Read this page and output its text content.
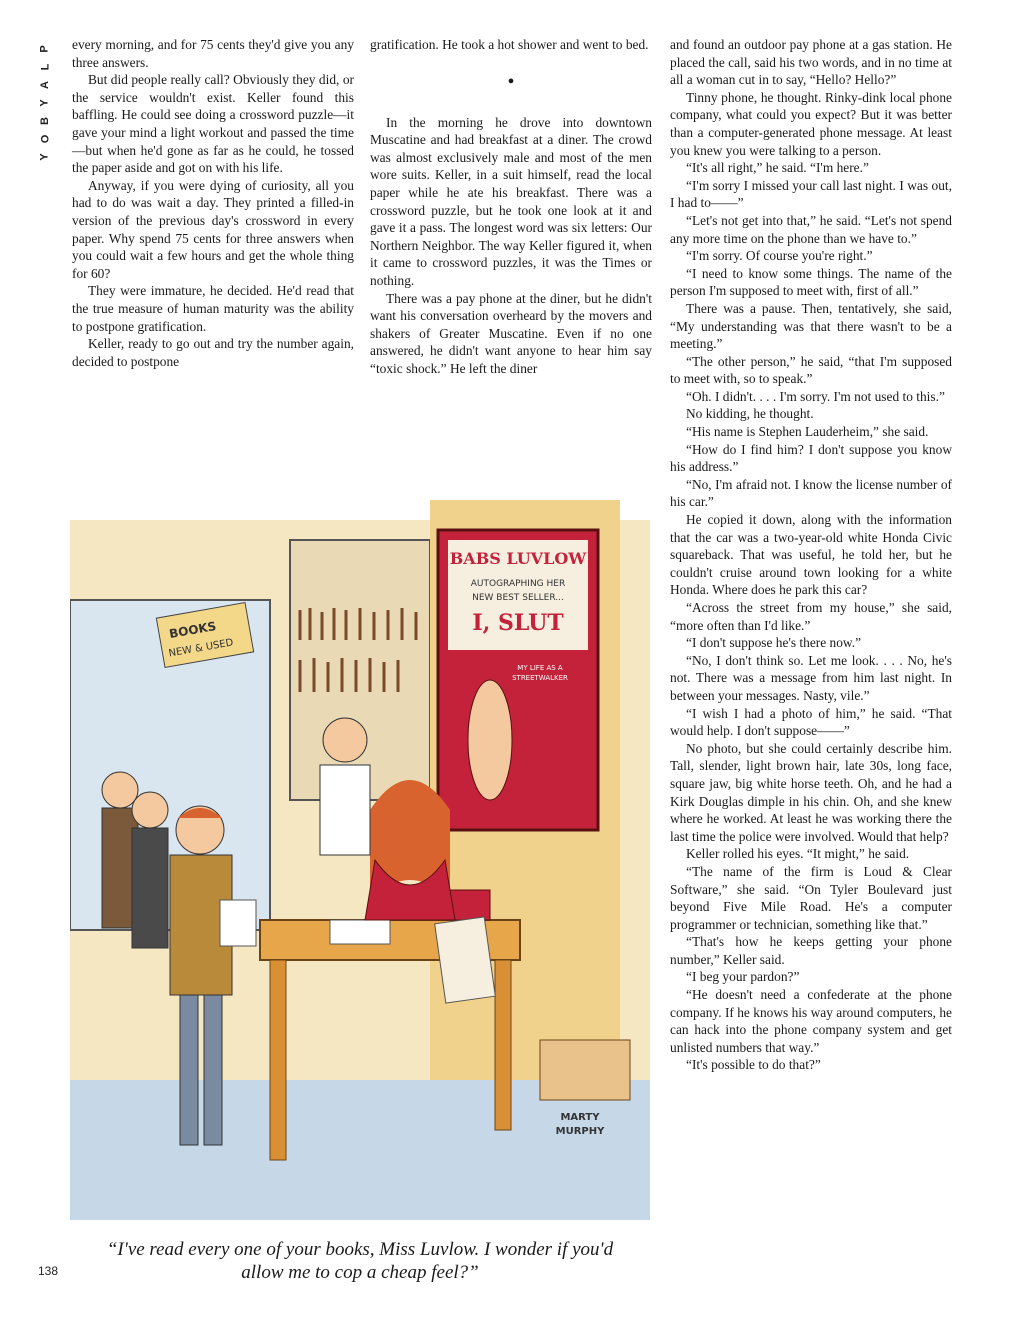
P
L
A
Y
B
O
Y

every morning, and for 75 cents they'd give you any three answers.

But did people really call? Obviously they did, or the service wouldn't exist. Keller found this baffling. He could see doing a crossword puzzle—it gave your mind a light workout and passed the time—but when he'd gone as far as he could, he tossed the paper aside and got on with his life.

Anyway, if you were dying of curiosity, all you had to do was wait a day. They printed a filled-in version of the previous day's crossword in every paper. Why spend 75 cents for three answers when you could wait a few hours and get the whole thing for 60?

They were immature, he decided. He'd read that the true measure of human maturity was the ability to postpone gratification.

Keller, ready to go out and try the number again, decided to postpone

gratification. He took a hot shower and went to bed.

•

In the morning he drove into downtown Muscatine and had breakfast at a diner. The crowd was almost exclusively male and most of the men wore suits. Keller, in a suit himself, read the local paper while he ate his breakfast. There was a crossword puzzle, but he took one look at it and gave it a pass. The longest word was six letters: Our Northern Neighbor. The way Keller figured it, when it came to crossword puzzles, it was the Times or nothing.

There was a pay phone at the diner, but he didn't want his conversation overheard by the movers and shakers of Greater Muscatine. Even if no one answered, he didn't want anyone to hear him say “toxic shock.” He left the diner

and found an outdoor pay phone at a gas station. He placed the call, said his two words, and in no time at all a woman cut in to say, “Hello? Hello?”

Tinny phone, he thought. Rinky-dink local phone company, what could you expect? But it was better than a computer-generated phone message. At least you knew you were talking to a person.

“It's all right,” he said. “I'm here.”

“I'm sorry I missed your call last night. I was out, I had to——”

“Let's not get into that,” he said. “Let's not spend any more time on the phone than we have to.”

“I'm sorry. Of course you're right.”

“I need to know some things. The name of the person I'm supposed to meet with, first of all.”

There was a pause. Then, tentatively, she said, “My understanding was that there wasn't to be a meeting.”

“The other person,” he said, “that I'm supposed to meet with, so to speak.”

“Oh. I didn't. . . . I'm sorry. I'm not used to this.”

No kidding, he thought.

“His name is Stephen Lauderheim,” she said.

“How do I find him? I don't suppose you know his address.”

“No, I'm afraid not. I know the license number of his car.”

He copied it down, along with the information that the car was a two-year-old white Honda Civic squareback. That was useful, he told her, but he couldn't cruise around town looking for a white Honda. Where does he park this car?

“Across the street from my house,” she said, “more often than I'd like.”

“I don't suppose he's there now.”

“No, I don't think so. Let me look. . . . No, he's not. There was a message from him last night. In between your messages. Nasty, vile.”

“I wish I had a photo of him,” he said. “That would help. I don't suppose——”

No photo, but she could certainly describe him. Tall, slender, light brown hair, late 30s, long face, square jaw, big white horse teeth. Oh, and he had a Kirk Douglas dimple in his chin. Oh, and she knew where he worked. At least he was working there the last time the police were involved. Would that help?

Keller rolled his eyes. “It might,” he said.

“The name of the firm is Loud & Clear Software,” she said. “On Tyler Boulevard just beyond Five Mile Road. He's a computer programmer or technician, something like that.”

“That's how he keeps getting your phone number,” Keller said.

“I beg your pardon?”

“He doesn't need a confederate at the phone company. If he knows his way around computers, he can hack into the phone company system and get unlisted numbers that way.”

“It's possible to do that?”

BOOKS
NEW & USED
BABS LUVLOW
AUTOGRAPHING HER
NEW BEST SELLER...
I, SLUT
MY LIFE AS A
STREETWALKER
MARTY
MURPHY
“I've read every one of your books, Miss Luvlow. I wonder if you'd allow me to cop a cheap feel?”
138
